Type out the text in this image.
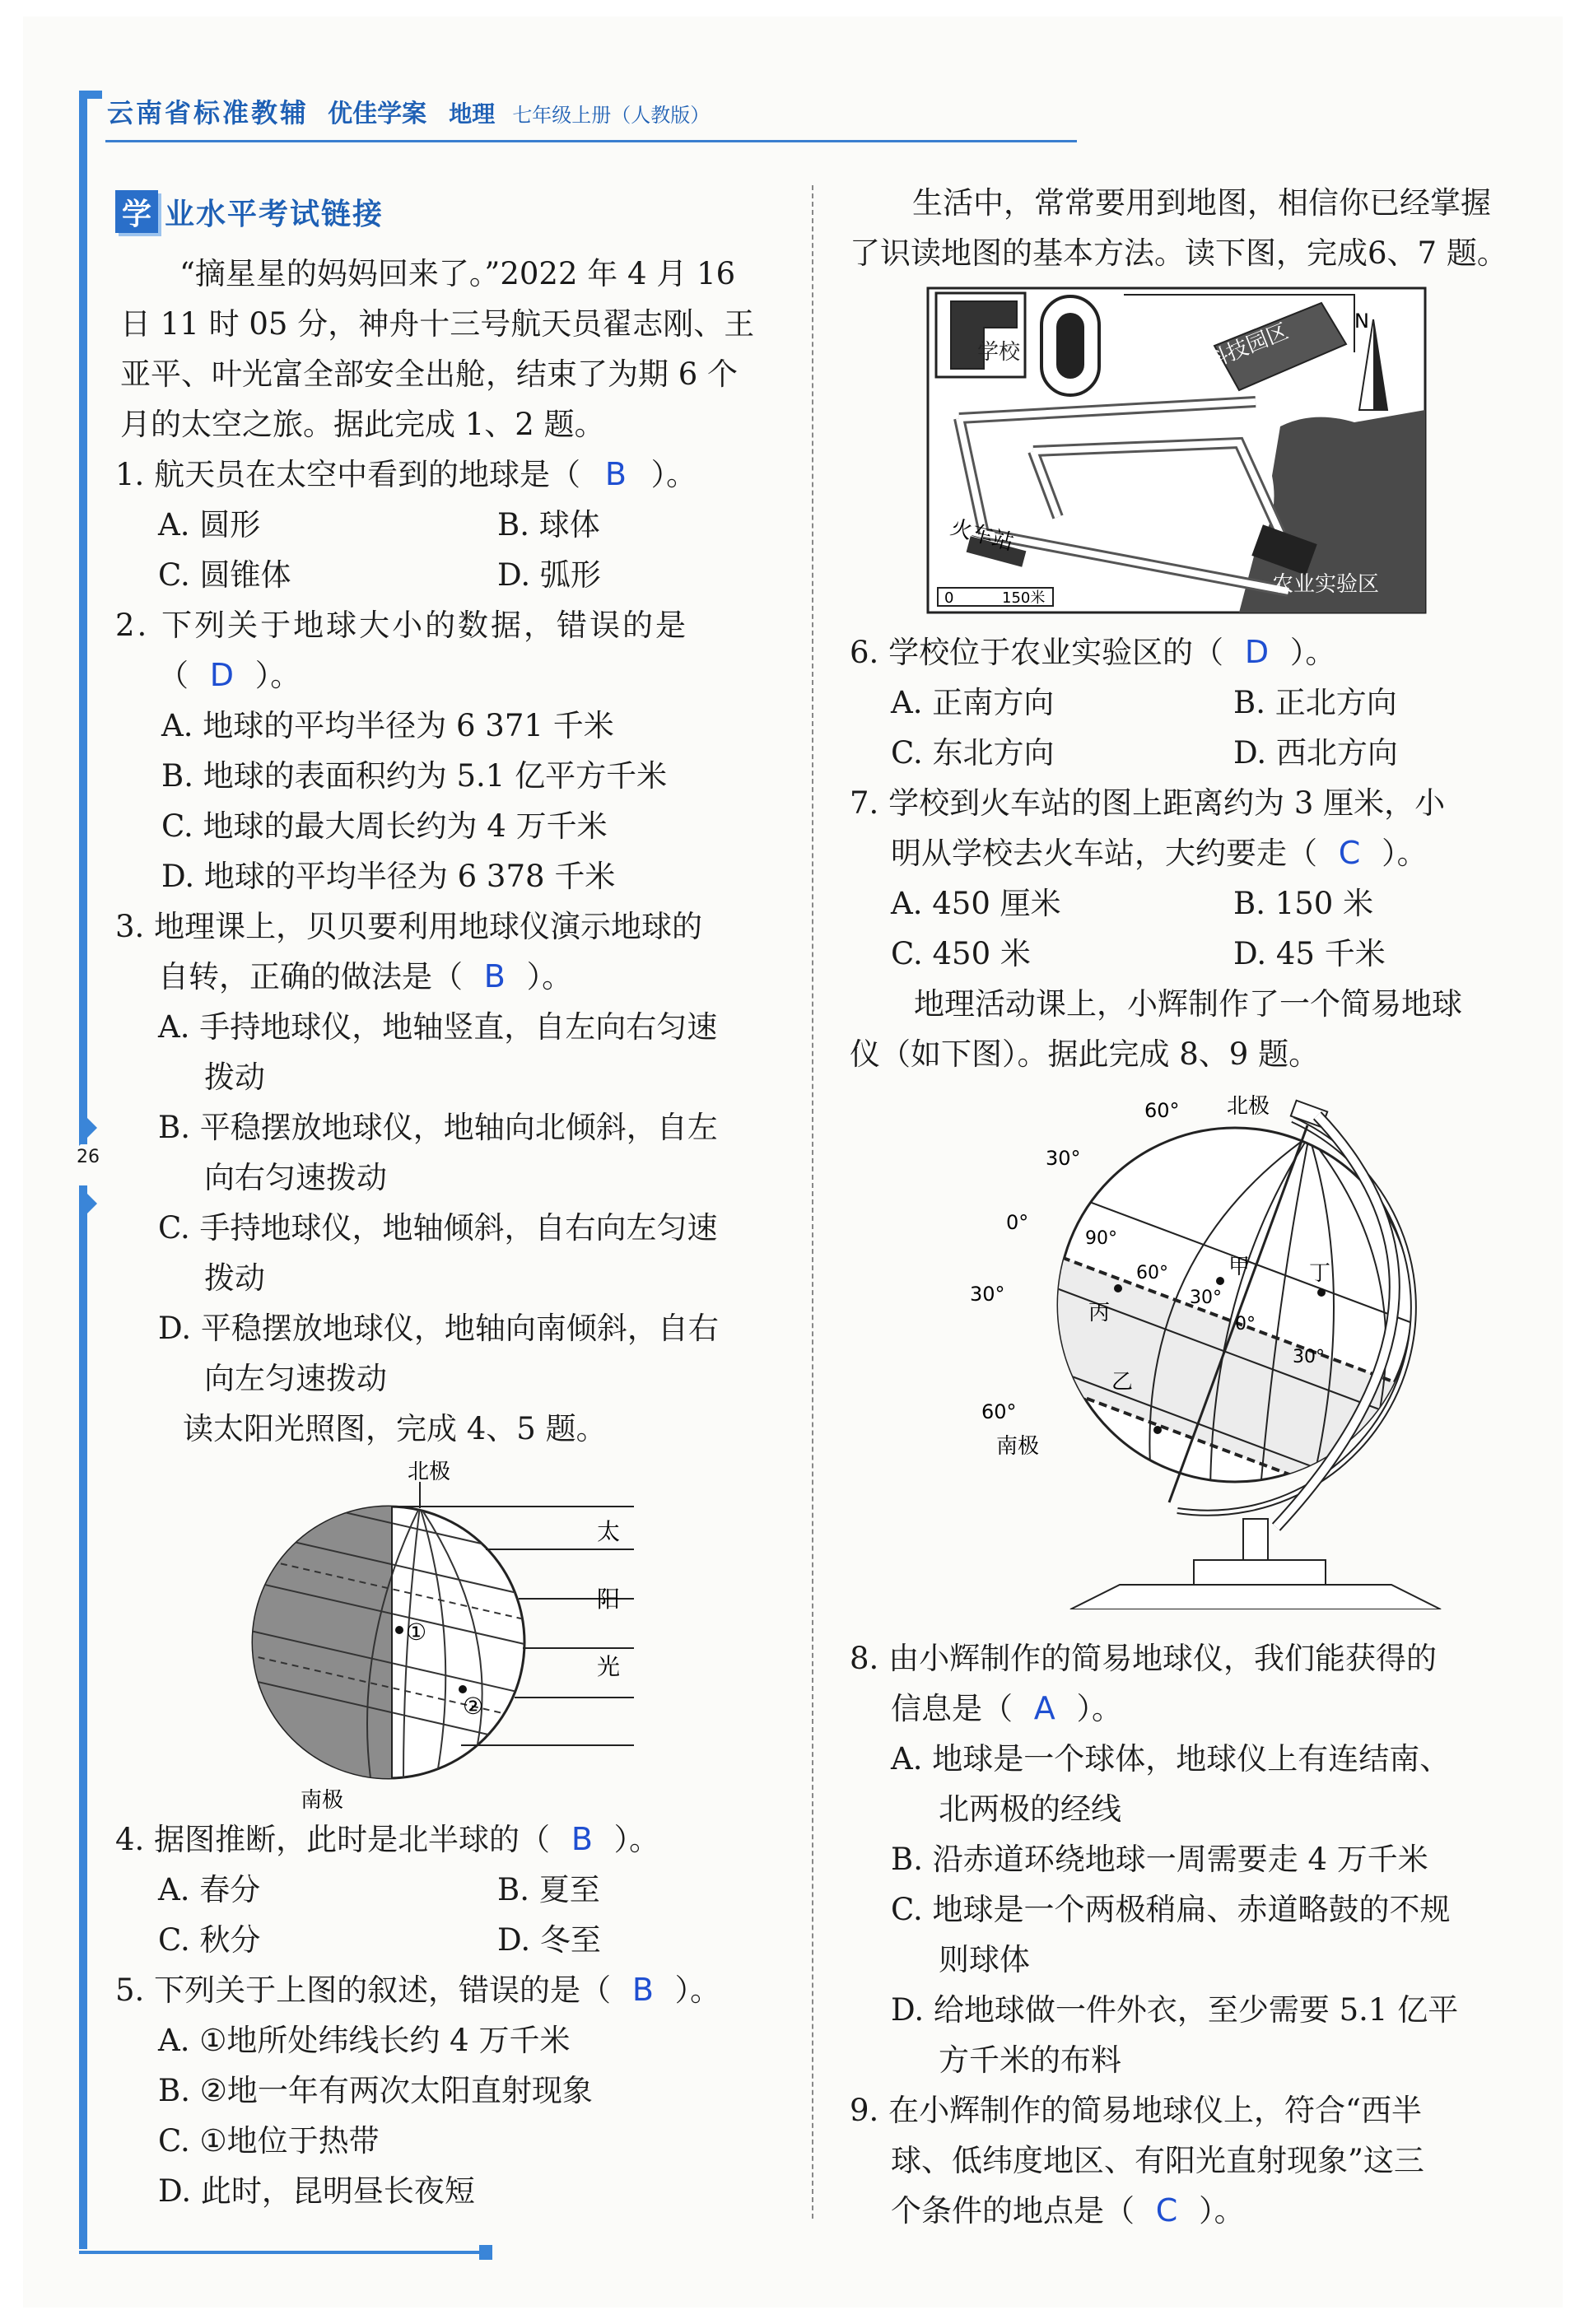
云南省标准教辅 优佳学案 地理 七年级上册（人教版）
26
学 业水平考试链接
“摘星星的妈妈回来了。”2022 年 4 月 16
日 11 时 05 分，神舟十三号航天员翟志刚、王
亚平、叶光富全部安全出舱，结束了为期 6 个
月的太空之旅。据此完成 1、2 题。
1. 航天员在太空中看到的地球是（ B ）。
A. 圆形	B. 球体
C. 圆锥体	D. 弧形
2. 下列关于地球大小的数据，错误的是
（ D ）。
A. 地球的平均半径为 6 371 千米
B. 地球的表面积约为 5.1 亿平方千米
C. 地球的最大周长约为 4 万千米
D. 地球的平均半径为 6 378 千米
3. 地理课上，贝贝要利用地球仪演示地球的
自转，正确的做法是（ B ）。
A. 手持地球仪，地轴竖直，自左向右匀速
拨动
B. 平稳摆放地球仪，地轴向北倾斜，自左
向右匀速拨动
C. 手持地球仪，地轴倾斜，自右向左匀速
拨动
D. 平稳摆放地球仪，地轴向南倾斜，自右
向左匀速拨动
读太阳光照图，完成 4、5 题。
北极
南极
太
阳
光
①
②
4. 据图推断，此时是北半球的（ B ）。
A. 春分	B. 夏至
C. 秋分	D. 冬至
5. 下列关于上图的叙述，错误的是（ B ）。
A. ①地所处纬线长约 4 万千米
B. ②地一年有两次太阳直射现象
C. ①地位于热带
D. 此时，昆明昼长夜短
生活中，常常要用到地图，相信你已经掌握
了识读地图的基本方法。读下图，完成6、7 题。
学校	科技园区	N
火车站
农业实验区
0	150米
6. 学校位于农业实验区的（ D ）。
A. 正南方向	B. 正北方向
C. 东北方向	D. 西北方向
7. 学校到火车站的图上距离约为 3 厘米，小
明从学校去火车站，大约要走（ C ）。
A. 450 厘米	B. 150 米
C. 450 米	D. 45 千米
地理活动课上，小辉制作了一个简易地球
仪（如下图）。据此完成 8、9 题。
60° 北极
30°
0°
30°
60°
南极
90°
60°
30°
0°
30°
甲
乙
丙
丁
8. 由小辉制作的简易地球仪，我们能获得的
信息是（ A ）。
A. 地球是一个球体，地球仪上有连结南、
北两极的经线
B. 沿赤道环绕地球一周需要走 4 万千米
C. 地球是一个两极稍扁、赤道略鼓的不规
则球体
D. 给地球做一件外衣，至少需要 5.1 亿平
方千米的布料
9. 在小辉制作的简易地球仪上，符合“西半
球、低纬度地区、有阳光直射现象”这三
个条件的地点是（ C ）。
